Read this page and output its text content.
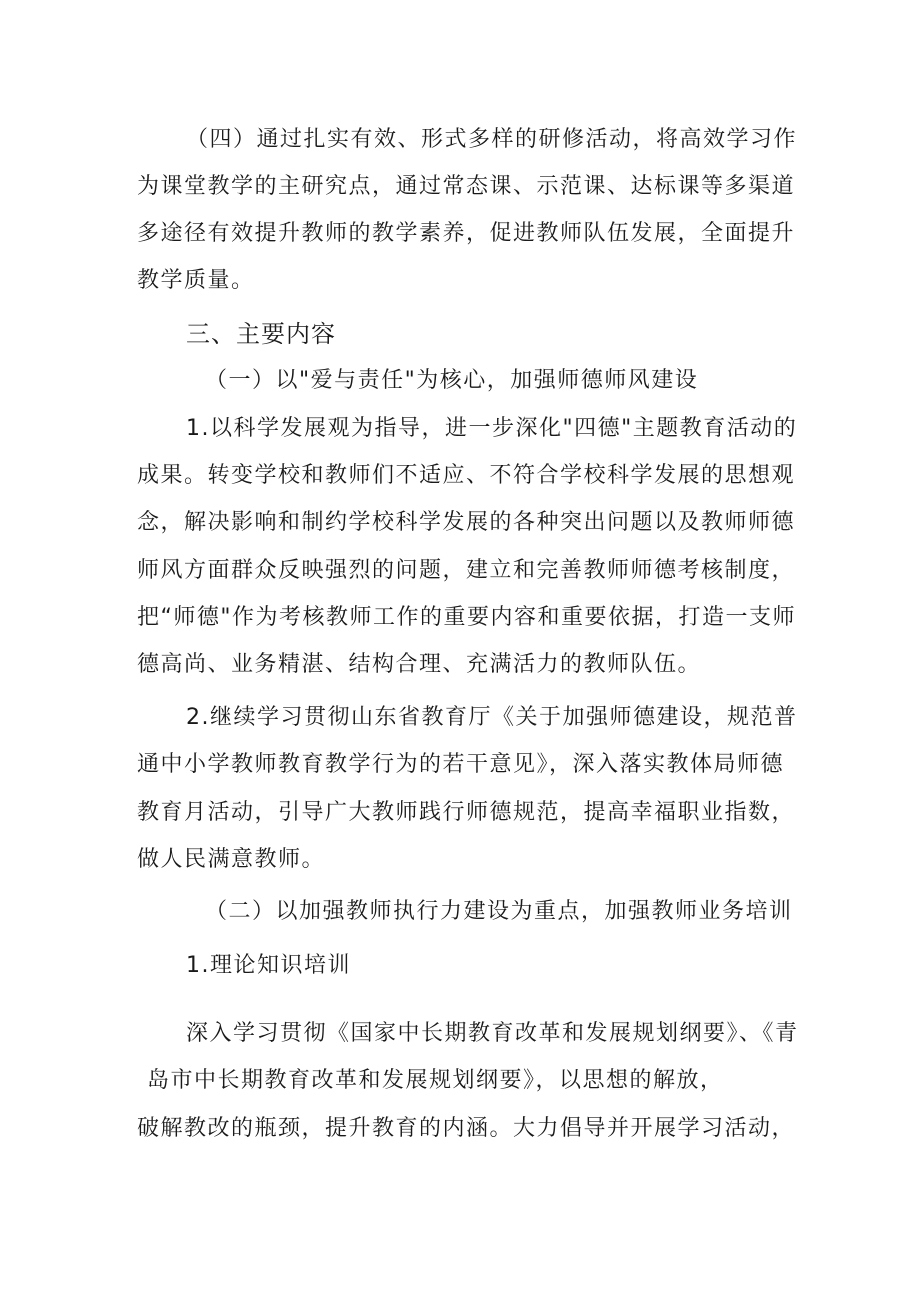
（四）通过扎实有效、形式多样的研修活动，将高效学习作
为课堂教学的主研究点，通过常态课、示范课、达标课等多渠道
多途径有效提升教师的教学素养，促进教师队伍发展，全面提升
教学质量。
三、主要内容
（一）以"爱与责任"为核心，加强师德师风建设
1.以科学发展观为指导，进一步深化"四德"主题教育活动的
成果。转变学校和教师们不适应、不符合学校科学发展的思想观
念，解决影响和制约学校科学发展的各种突出问题以及教师师德
师风方面群众反映强烈的问题，建立和完善教师师德考核制度，
把“师德"作为考核教师工作的重要内容和重要依据，打造一支师
德高尚、业务精湛、结构合理、充满活力的教师队伍。
2.继续学习贯彻山东省教育厅《关于加强师德建设，规范普
通中小学教师教育教学行为的若干意见》，深入落实教体局师德
教育月活动，引导广大教师践行师德规范，提高幸福职业指数，
做人民满意教师。
（二）以加强教师执行力建设为重点，加强教师业务培训
1.理论知识培训
深入学习贯彻《国家中长期教育改革和发展规划纲要》、《青
岛市中长期教育改革和发展规划纲要》，以思想的解放，
破解教改的瓶颈，提升教育的内涵。大力倡导并开展学习活动，
